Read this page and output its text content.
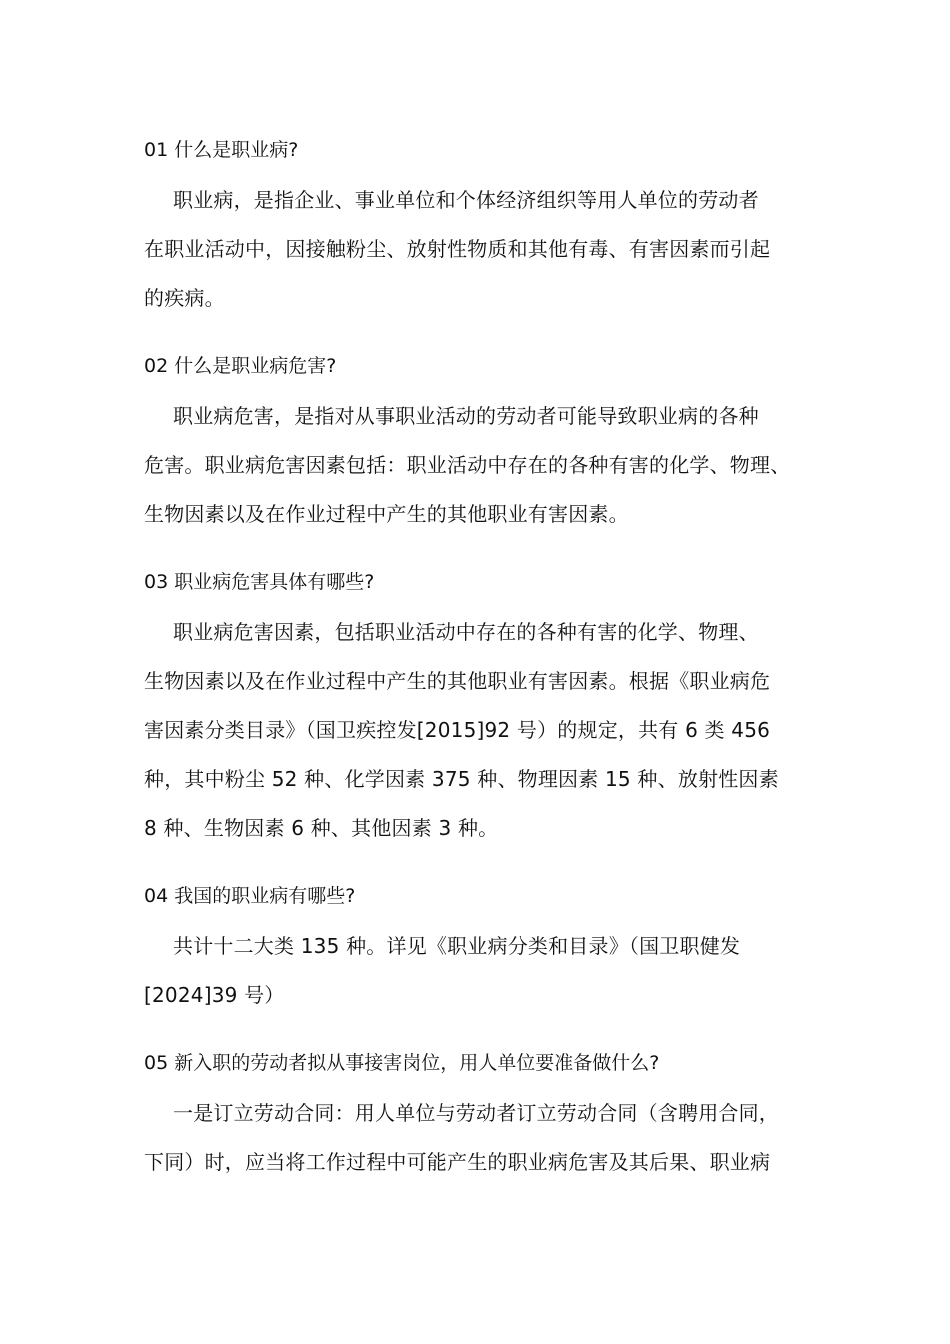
01 什么是职业病?
职业病，是指企业、事业单位和个体经济组织等用人单位的劳动者
在职业活动中，因接触粉尘、放射性物质和其他有毒、有害因素而引起
的疾病。
02 什么是职业病危害?
职业病危害，是指对从事职业活动的劳动者可能导致职业病的各种
危害。职业病危害因素包括：职业活动中存在的各种有害的化学、物理、
生物因素以及在作业过程中产生的其他职业有害因素。
03 职业病危害具体有哪些?
职业病危害因素，包括职业活动中存在的各种有害的化学、物理、
生物因素以及在作业过程中产生的其他职业有害因素。根据《职业病危
害因素分类目录》（国卫疾控发[2015]92 号）的规定，共有 6 类 456
种，其中粉尘 52 种、化学因素 375 种、物理因素 15 种、放射性因素
8 种、生物因素 6 种、其他因素 3 种。
04 我国的职业病有哪些?
共计十二大类 135 种。详见《职业病分类和目录》（国卫职健发
[2024]39 号）
05 新入职的劳动者拟从事接害岗位，用人单位要准备做什么?
一是订立劳动合同：用人单位与劳动者订立劳动合同（含聘用合同，
下同）时，应当将工作过程中可能产生的职业病危害及其后果、职业病
